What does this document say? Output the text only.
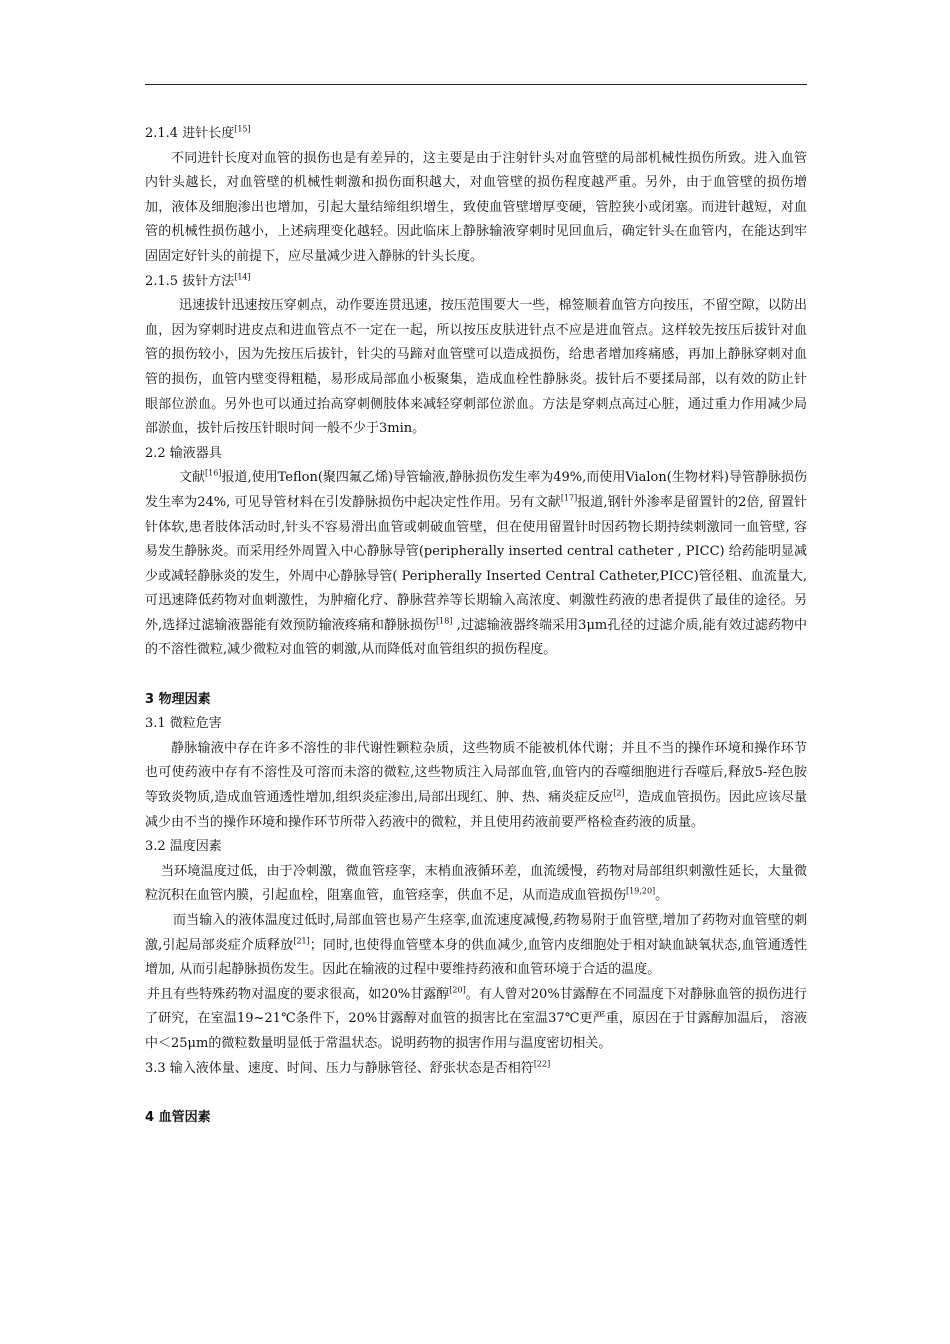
2.1.4 进针长度[15]

不同进针长度对血管的损伤也是有差异的，这主要是由于注射针头对血管壁的局部机械性损伤所致。进入血管内针头越长，对血管壁的机械性刺激和损伤面积越大，对血管壁的损伤程度越严重。另外，由于血管壁的损伤增加，液体及细胞渗出也增加，引起大量结缔组织增生，致使血管壁增厚变硬，管腔狭小或闭塞。而进针越短，对血管的机械性损伤越小，上述病理变化越轻。因此临床上静脉输液穿刺时见回血后，确定针头在血管内，在能达到牢固固定好针头的前提下，应尽量减少进入静脉的针头长度。

2.1.5 拔针方法[14]

迅速拔针迅速按压穿刺点，动作要连贯迅速，按压范围要大一些，棉签顺着血管方向按压，不留空隙，以防出血，因为穿刺时进皮点和进血管点不一定在一起，所以按压皮肤进针点不应是进血管点。这样较先按压后拔针对血管的损伤较小，因为先按压后拔针，针尖的马蹄对血管壁可以造成损伤，给患者增加疼痛感，再加上静脉穿刺对血管的损伤，血管内壁变得粗糙，易形成局部血小板聚集，造成血栓性静脉炎。拔针后不要揉局部，以有效的防止针眼部位淤血。另外也可以通过抬高穿刺侧肢体来减轻穿刺部位淤血。方法是穿刺点高过心脏，通过重力作用减少局部淤血，拔针后按压针眼时间一般不少于3min。

2.2 输液器具

文献[16]报道,使用Teflon(聚四氟乙烯)导管输液,静脉损伤发生率为49%,而使用Vialon(生物材料)导管静脉损伤发生率为24%, 可见导管材料在引发静脉损伤中起决定性作用。另有文献[17]报道,钢针外渗率是留置针的2倍, 留置针针体软,患者肢体活动时,针头不容易滑出血管或刺破血管壁，但在使用留置针时因药物长期持续刺激同一血管壁, 容易发生静脉炎。而采用经外周置入中心静脉导管(peripherally inserted central catheter , PICC) 给药能明显减少或减轻静脉炎的发生，外周中心静脉导管( Peripherally Inserted Central Catheter,PICC)管径粗、血流量大,可迅速降低药物对血刺激性，为肿瘤化疗、静脉营养等长期输入高浓度、刺激性药液的患者提供了最佳的途径。另外,选择过滤输液器能有效预防输液疼痛和静脉损伤[18] ,过滤输液器终端采用3μm孔径的过滤介质,能有效过滤药物中的不溶性微粒,减少微粒对血管的刺激,从而降低对血管组织的损伤程度。

3 物理因素

3.1 微粒危害

静脉输液中存在许多不溶性的非代谢性颗粒杂质，这些物质不能被机体代谢；并且不当的操作环境和操作环节也可使药液中存有不溶性及可溶而未溶的微粒,这些物质注入局部血管,血管内的吞噬细胞进行吞噬后,释放5-羟色胺等致炎物质,造成血管通透性增加,组织炎症渗出,局部出现红、肿、热、痛炎症反应[2]，造成血管损伤。因此应该尽量减少由不当的操作环境和操作环节所带入药液中的微粒，并且使用药液前要严格检查药液的质量。

3.2 温度因素

当环境温度过低，由于冷刺激，微血管痉挛，末梢血液循环差，血流缓慢，药物对局部组织刺激性延长，大量微粒沉积在血管内膜，引起血栓，阻塞血管，血管痉挛，供血不足，从而造成血管损伤[19,20]。

而当输入的液体温度过低时,局部血管也易产生痉挛,血流速度减慢,药物易附于血管壁,增加了药物对血管壁的刺激,引起局部炎症介质释放[21]；同时,也使得血管壁本身的供血减少,血管内皮细胞处于相对缺血缺氧状态,血管通透性增加, 从而引起静脉损伤发生。因此在输液的过程中要维持药液和血管环境于合适的温度。

并且有些特殊药物对温度的要求很高，如20%甘露醇[20]。有人曾对20%甘露醇在不同温度下对静脉血管的损伤进行了研究，在室温19~21℃条件下，20%甘露醇对血管的损害比在室温37℃更严重，原因在于甘露醇加温后， 溶液中＜25μm的微粒数量明显低于常温状态。说明药物的损害作用与温度密切相关。

3.3 输入液体量、速度、时间、压力与静脉管径、舒张状态是否相符[22]

4 血管因素
